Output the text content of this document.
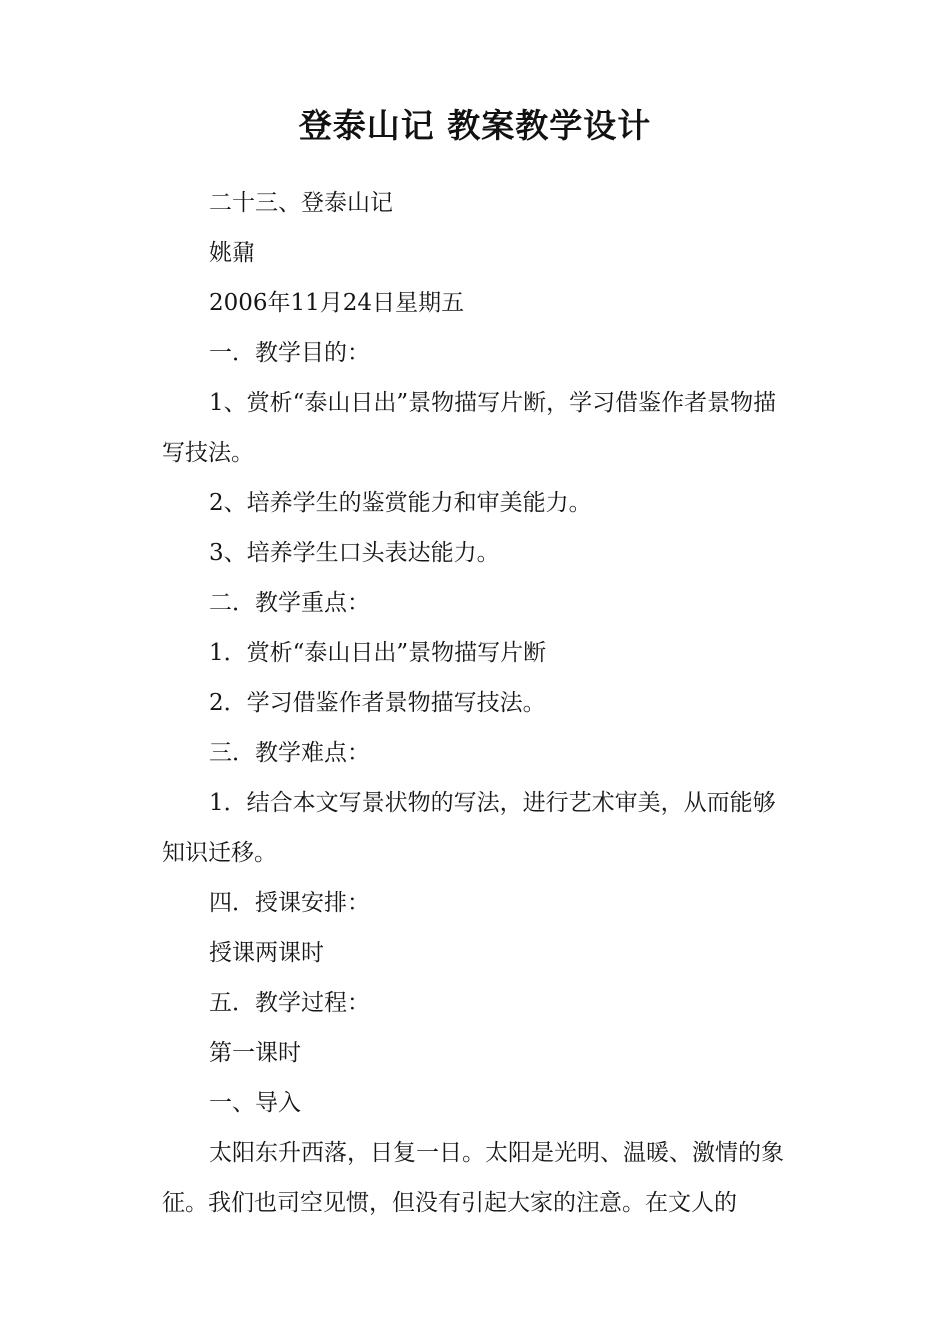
登泰山记 教案教学设计

二十三、登泰山记

姚鼐

2006年11月24日星期五

一．教学目的：

1、赏析“泰山日出”景物描写片断，学习借鉴作者景物描写技法。

2、培养学生的鉴赏能力和审美能力。

3、培养学生口头表达能力。

二．教学重点：

1．赏析“泰山日出”景物描写片断

2．学习借鉴作者景物描写技法。

三．教学难点：

1．结合本文写景状物的写法，进行艺术审美，从而能够知识迁移。

四．授课安排：

授课两课时

五．教学过程：

第一课时

一、导入

太阳东升西落，日复一日。太阳是光明、温暖、激情的象征。我们也司空见惯，但没有引起大家的注意。在文人的
